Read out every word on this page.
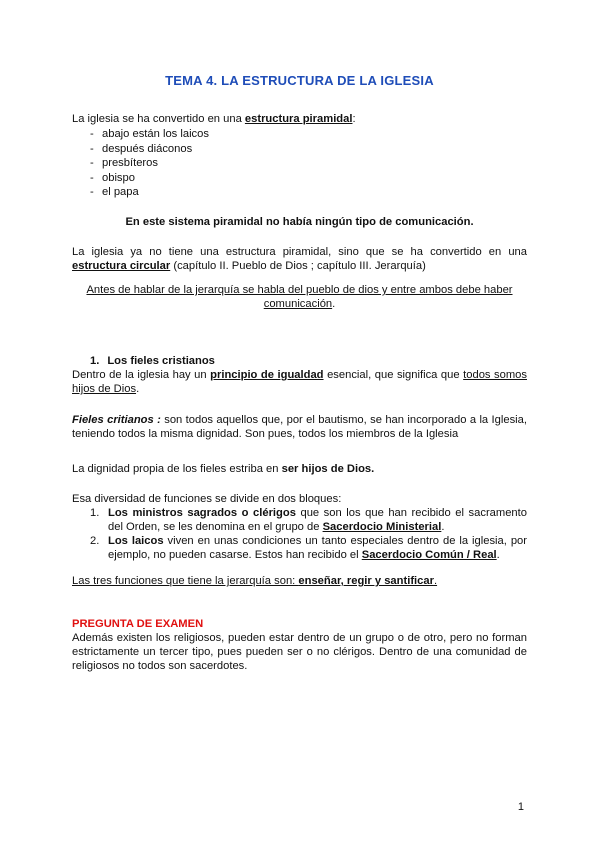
TEMA 4. LA ESTRUCTURA DE LA IGLESIA
La iglesia se ha convertido en una estructura piramidal:
- abajo están los laicos
- después diáconos
- presbíteros
- obispo
- el papa
En este sistema piramidal no había ningún tipo de comunicación.
La iglesia ya no tiene una estructura piramidal, sino que se ha convertido en una estructura circular (capítulo II. Pueblo de Dios ; capítulo III. Jerarquía)
Antes de hablar de la jerarquía se habla del pueblo de dios y entre ambos debe haber comunicación.
1. Los fieles cristianos
Dentro de la iglesia hay un principio de igualdad esencial, que significa que todos somos hijos de Dios.
Fieles critianos : son todos aquellos que, por el bautismo, se han incorporado a la Iglesia, teniendo todos la misma dignidad. Son pues, todos los miembros de la Iglesia
La dignidad propia de los fieles estriba en ser hijos de Dios.
Esa diversidad de funciones se divide en dos bloques:
1. Los ministros sagrados o clérigos que son los que han recibido el sacramento del Orden, se les denomina en el grupo de Sacerdocio Ministerial.
2. Los laicos viven en unas condiciones un tanto especiales dentro de la iglesia, por ejemplo, no pueden casarse. Estos han recibido el Sacerdocio Común / Real.
Las tres funciones que tiene la jerarquía son: enseñar, regir y santificar.
PREGUNTA DE EXAMEN
Además existen los religiosos, pueden estar dentro de un grupo o de otro, pero no forman estrictamente un tercer tipo, pues pueden ser o no clérigos. Dentro de una comunidad de religiosos no todos son sacerdotes.
1
